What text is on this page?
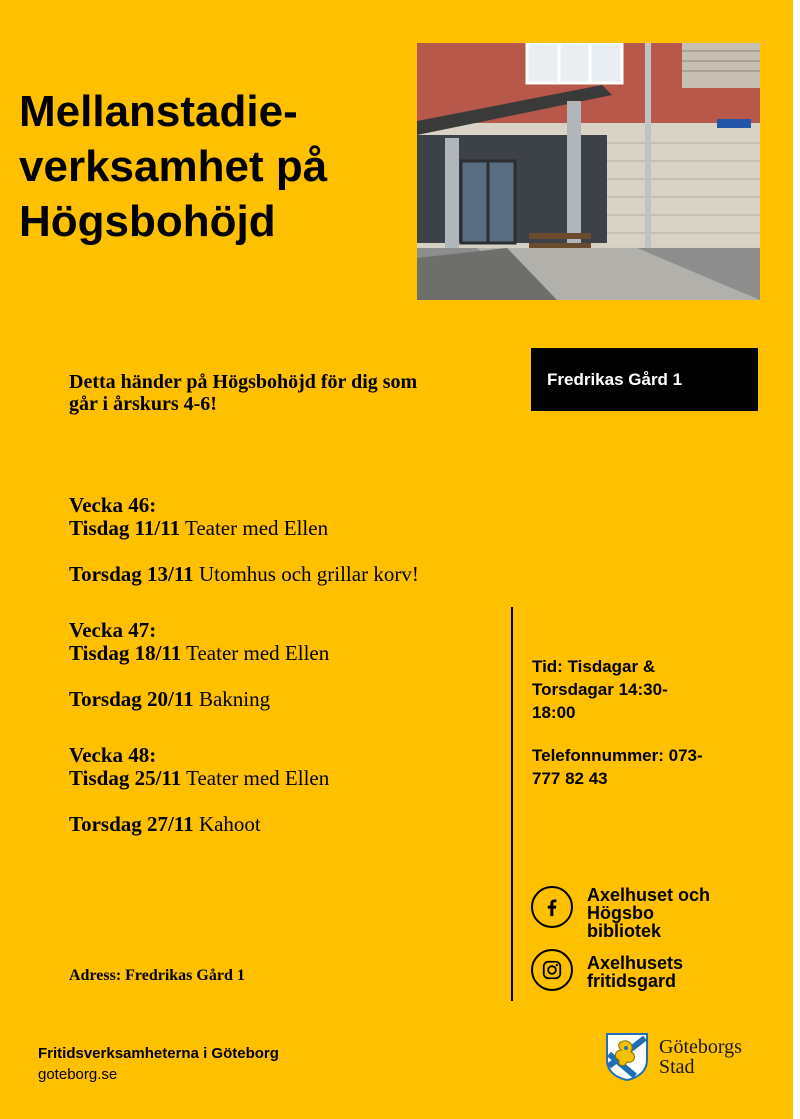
Mellanstadie-
verksamhet på
Högsbohöjd
Fredrikas Gård 1
Detta händer på Högsbohöjd för dig som
går i årskurs 4-6!
Vecka 46:
Tisdag 11/11 Teater med Ellen
Torsdag 13/11 Utomhus och grillar korv!
Vecka 47:
Tisdag 18/11 Teater med Ellen
Torsdag 20/11 Bakning
Vecka 48:
Tisdag 25/11 Teater med Ellen
Torsdag 27/11 Kahoot
Tid: Tisdagar &
Torsdagar 14:30-
18:00
Telefonnummer: 073-
777 82 43
Axelhuset och
Högsbo
bibliotek
Axelhusets
fritidsgard
Adress: Fredrikas Gård 1
Fritidsverksamheterna i Göteborg
goteborg.se
Göteborgs
Stad
